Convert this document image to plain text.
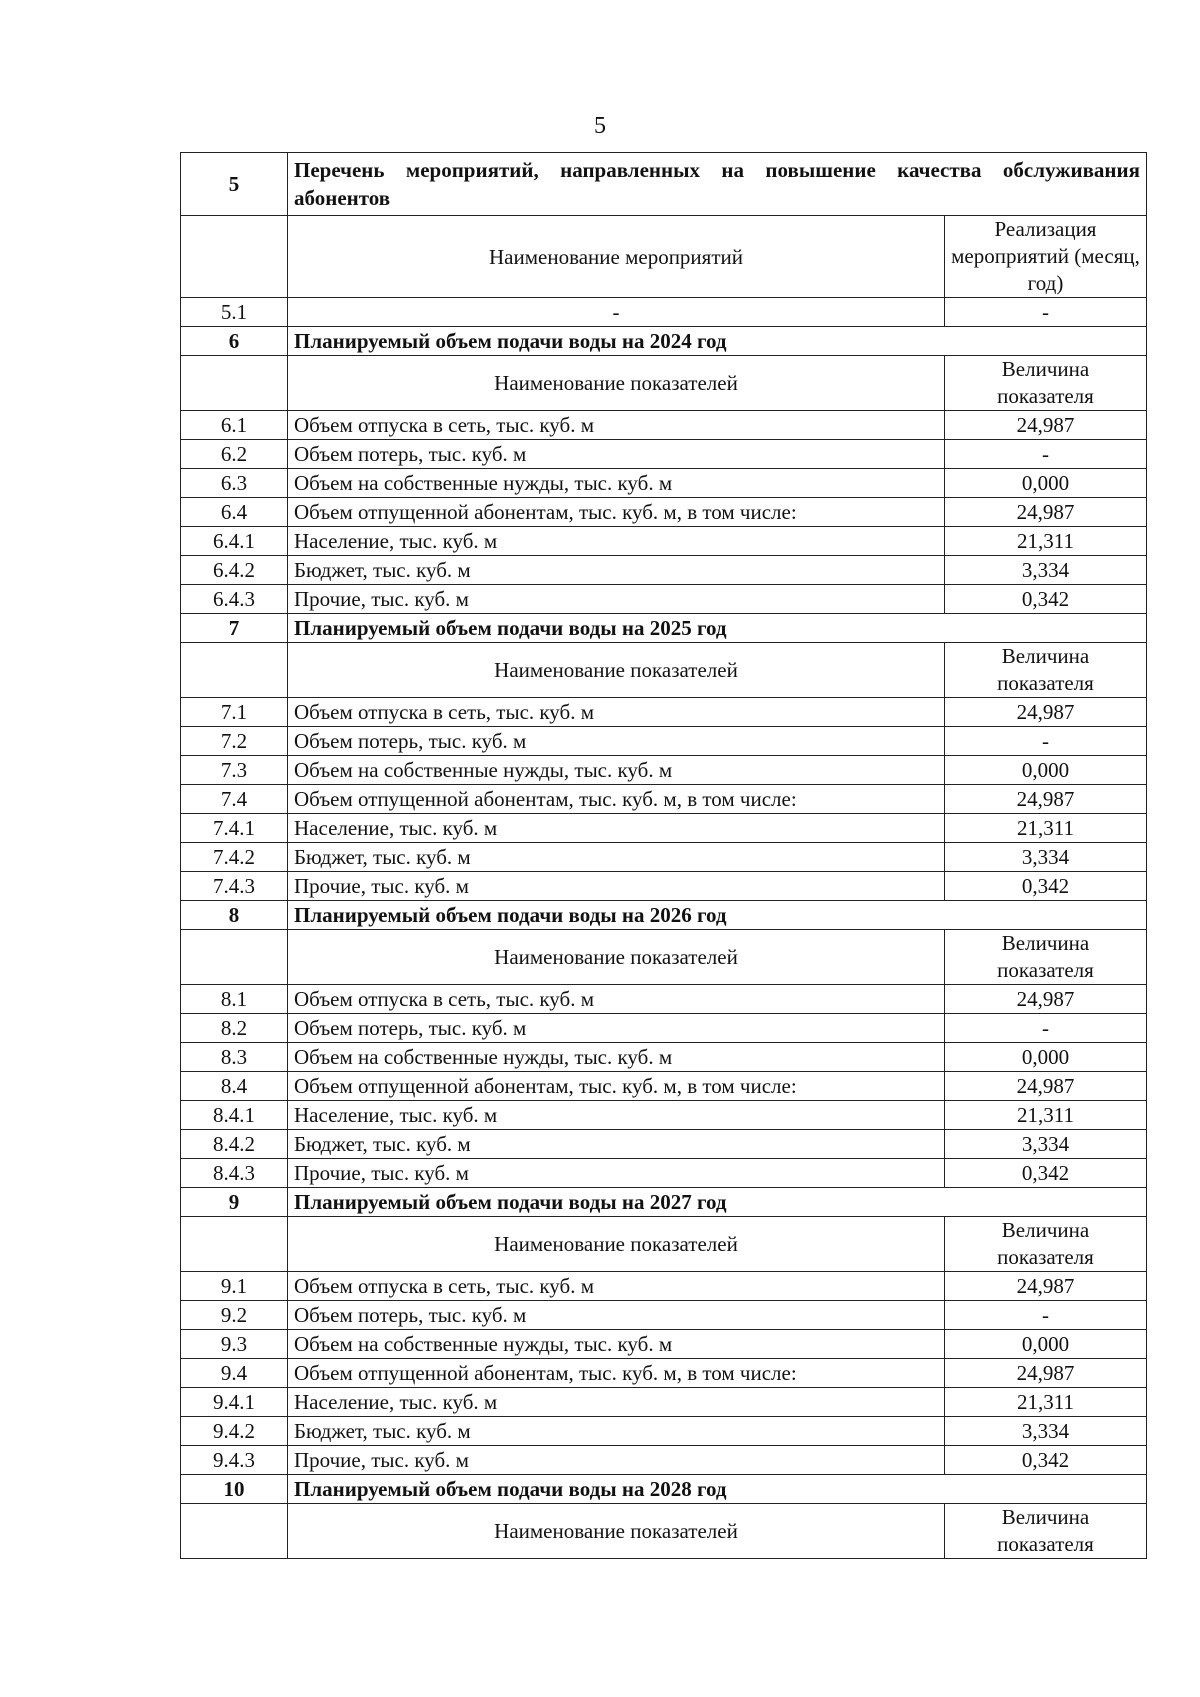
5
5	Перечень мероприятий, направленных на повышение качества обслуживания абонентов	
	Наименование мероприятий	Реализация мероприятий (месяц, год)
5.1	-	-
6	Планируемый объем подачи воды на 2024 год	
	Наименование показателей	Величина показателя
6.1	Объем отпуска в сеть, тыс. куб. м	24,987
6.2	Объем потерь, тыс. куб. м	-
6.3	Объем на собственные нужды, тыс. куб. м	0,000
6.4	Объем отпущенной абонентам, тыс. куб. м, в том числе:	24,987
6.4.1	Население, тыс. куб. м	21,311
6.4.2	Бюджет, тыс. куб. м	3,334
6.4.3	Прочие, тыс. куб. м	0,342
7	Планируемый объем подачи воды на 2025 год	
	Наименование показателей	Величина показателя
7.1	Объем отпуска в сеть, тыс. куб. м	24,987
7.2	Объем потерь, тыс. куб. м	-
7.3	Объем на собственные нужды, тыс. куб. м	0,000
7.4	Объем отпущенной абонентам, тыс. куб. м, в том числе:	24,987
7.4.1	Население, тыс. куб. м	21,311
7.4.2	Бюджет, тыс. куб. м	3,334
7.4.3	Прочие, тыс. куб. м	0,342
8	Планируемый объем подачи воды на 2026 год	
	Наименование показателей	Величина показателя
8.1	Объем отпуска в сеть, тыс. куб. м	24,987
8.2	Объем потерь, тыс. куб. м	-
8.3	Объем на собственные нужды, тыс. куб. м	0,000
8.4	Объем отпущенной абонентам, тыс. куб. м, в том числе:	24,987
8.4.1	Население, тыс. куб. м	21,311
8.4.2	Бюджет, тыс. куб. м	3,334
8.4.3	Прочие, тыс. куб. м	0,342
9	Планируемый объем подачи воды на 2027 год	
	Наименование показателей	Величина показателя
9.1	Объем отпуска в сеть, тыс. куб. м	24,987
9.2	Объем потерь, тыс. куб. м	-
9.3	Объем на собственные нужды, тыс. куб. м	0,000
9.4	Объем отпущенной абонентам, тыс. куб. м, в том числе:	24,987
9.4.1	Население, тыс. куб. м	21,311
9.4.2	Бюджет, тыс. куб. м	3,334
9.4.3	Прочие, тыс. куб. м	0,342
10	Планируемый объем подачи воды на 2028 год	
	Наименование показателей	Величина показателя
